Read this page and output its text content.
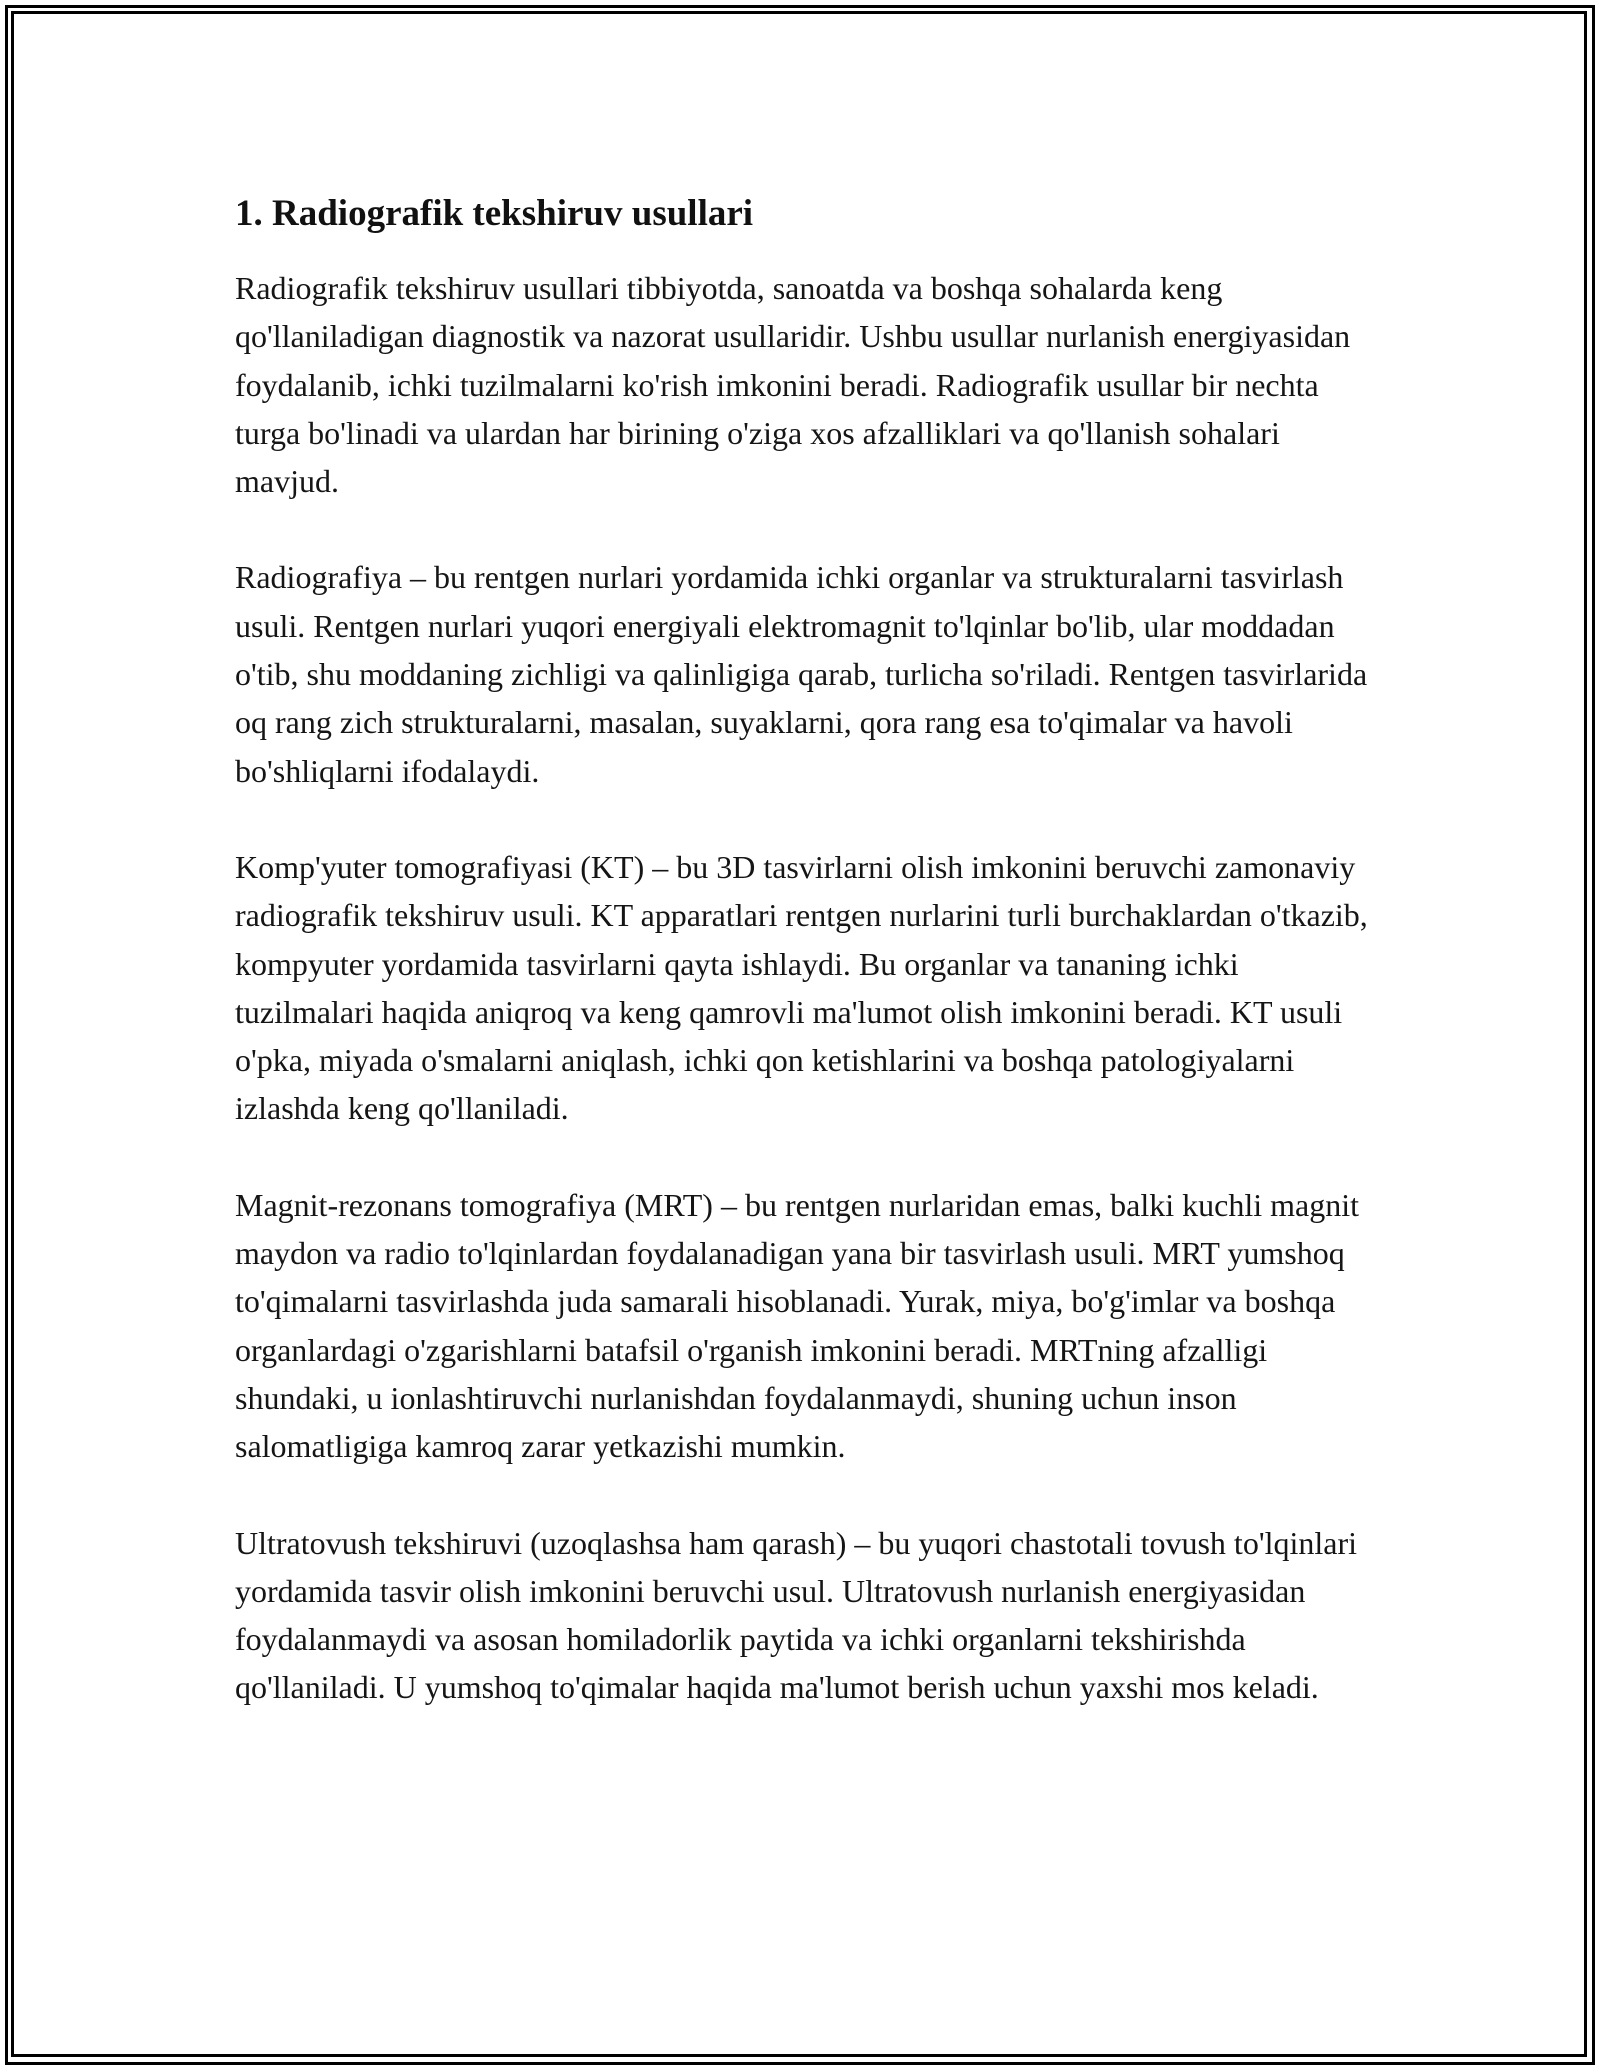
1. Radiografik tekshiruv usullari

Radiografik tekshiruv usullari tibbiyotda, sanoatda va boshqa sohalarda keng qo'llaniladigan diagnostik va nazorat usullaridir. Ushbu usullar nurlanish energiyasidan foydalanib, ichki tuzilmalarni ko'rish imkonini beradi. Radiografik usullar bir nechta turga bo'linadi va ulardan har birining o'ziga xos afzalliklari va qo'llanish sohalari mavjud.

Radiografiya – bu rentgen nurlari yordamida ichki organlar va strukturalarni tasvirlash usuli. Rentgen nurlari yuqori energiyali elektromagnit to'lqinlar bo'lib, ular moddadan o'tib, shu moddaning zichligi va qalinligiga qarab, turlicha so'riladi. Rentgen tasvirlarida oq rang zich strukturalarni, masalan, suyaklarni, qora rang esa to'qimalar va havoli bo'shliqlarni ifodalaydi.

Komp'yuter tomografiyasi (KT) – bu 3D tasvirlarni olish imkonini beruvchi zamonaviy radiografik tekshiruv usuli. KT apparatlari rentgen nurlarini turli burchaklardan o'tkazib, kompyuter yordamida tasvirlarni qayta ishlaydi. Bu organlar va tananing ichki tuzilmalari haqida aniqroq va keng qamrovli ma'lumot olish imkonini beradi. KT usuli o'pka, miyada o'smalarni aniqlash, ichki qon ketishlarini va boshqa patologiyalarni izlashda keng qo'llaniladi.

Magnit-rezonans tomografiya (MRT) – bu rentgen nurlaridan emas, balki kuchli magnit maydon va radio to'lqinlardan foydalanadigan yana bir tasvirlash usuli. MRT yumshoq to'qimalarni tasvirlashda juda samarali hisoblanadi. Yurak, miya, bo'g'imlar va boshqa organlardagi o'zgarishlarni batafsil o'rganish imkonini beradi. MRTning afzalligi shundaki, u ionlashtiruvchi nurlanishdan foydalanmaydi, shuning uchun inson salomatligiga kamroq zarar yetkazishi mumkin.

Ultratovush tekshiruvi (uzoqlashsa ham qarash) – bu yuqori chastotali tovush to'lqinlari yordamida tasvir olish imkonini beruvchi usul. Ultratovush nurlanish energiyasidan foydalanmaydi va asosan homiladorlik paytida va ichki organlarni tekshirishda qo'llaniladi. U yumshoq to'qimalar haqida ma'lumot berish uchun yaxshi mos keladi.
